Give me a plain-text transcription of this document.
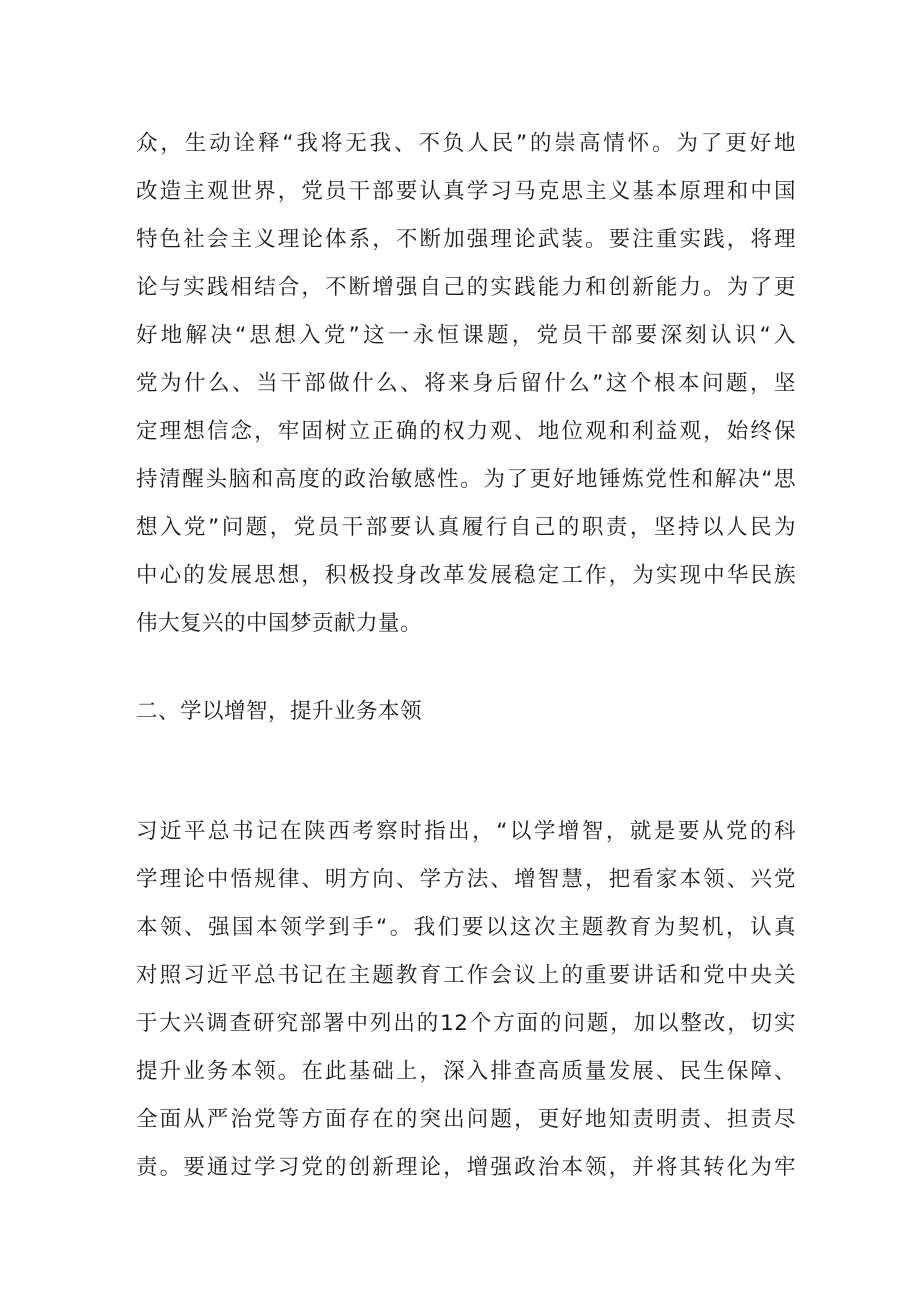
众，生动诠释“我将无我、不负人民”的崇高情怀。为了更好地
改造主观世界，党员干部要认真学习马克思主义基本原理和中国
特色社会主义理论体系，不断加强理论武装。要注重实践，将理
论与实践相结合，不断增强自己的实践能力和创新能力。为了更
好地解决“思想入党”这一永恒课题，党员干部要深刻认识“入
党为什么、当干部做什么、将来身后留什么”这个根本问题，坚
定理想信念，牢固树立正确的权力观、地位观和利益观，始终保
持清醒头脑和高度的政治敏感性。为了更好地锤炼党性和解决“思
想入党”问题，党员干部要认真履行自己的职责，坚持以人民为
中心的发展思想，积极投身改革发展稳定工作，为实现中华民族
伟大复兴的中国梦贡献力量。
二、学以增智，提升业务本领
习近平总书记在陕西考察时指出，“以学增智，就是要从党的科
学理论中悟规律、明方向、学方法、增智慧，把看家本领、兴党
本领、强国本领学到手“。我们要以这次主题教育为契机，认真
对照习近平总书记在主题教育工作会议上的重要讲话和党中央关
于大兴调查研究部署中列出的12个方面的问题，加以整改，切实
提升业务本领。在此基础上，深入排查高质量发展、民生保障、
全面从严治党等方面存在的突出问题，更好地知责明责、担责尽
责。要通过学习党的创新理论，增强政治本领，并将其转化为牢
